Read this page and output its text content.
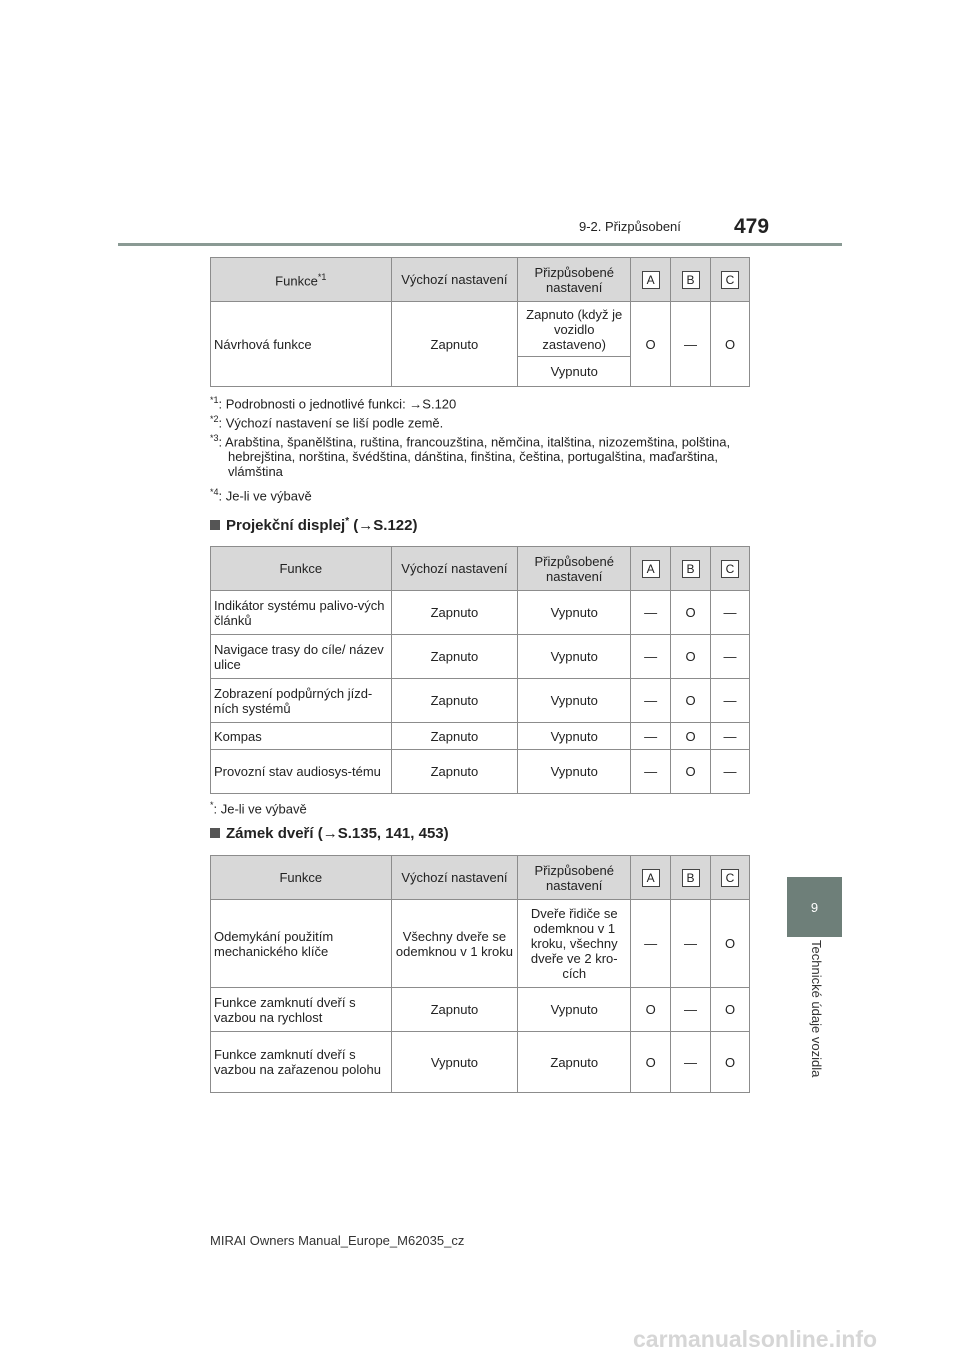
9-2. Přizpůsobení	479
9
Technické údaje vozidla
Funkce$^{*1}$	Výchozí nastavení	Přizpůsobené nastavení	A	B	C
Návrhová funkce	Zapnuto	Zapnuto (když je vozidlo zastaveno)	O	—	O
		Vypnuto			
$^{*1}$: Podrobnosti o jednotlivé funkci: →S.120
$^{*2}$: Výchozí nastavení se liší podle země.
$^{*3}$: Arabština, španělština, ruština, francouzština, němčina, italština, nizozemština, polština, hebrejština, norština, švédština, dánština, finština, čeština, portugalština, maďarština, vlámština
$^{*4}$: Je-li ve výbavě
Projekční displej* (→S.122)
Funkce	Výchozí nastavení	Přizpůsobené nastavení	A	B	C
Indikátor systému palivo-vých článků	Zapnuto	Vypnuto	—	O	—
Navigace trasy do cíle/ název ulice	Zapnuto	Vypnuto	—	O	—
Zobrazení podpůrných jízd-ních systémů	Zapnuto	Vypnuto	—	O	—
Kompas	Zapnuto	Vypnuto	—	O	—
Provozní stav audiosys-tému	Zapnuto	Vypnuto	—	O	—
*: Je-li ve výbavě
Zámek dveří (→S.135, 141, 453)
Funkce	Výchozí nastavení	Přizpůsobené nastavení	A	B	C
Odemykání použitím mechanického klíče	Všechny dveře se odemknou v 1 kroku	Dveře řidiče se odemknou v 1 kroku, všechny dveře ve 2 kro-cích	—	—	O
Funkce zamknutí dveří s vazbou na rychlost	Zapnuto	Vypnuto	O	—	O
Funkce zamknutí dveří s vazbou na zařazenou polohu	Vypnuto	Zapnuto	O	—	O
MIRAI Owners Manual_Europe_M62035_cz
carmanualsonline.info
